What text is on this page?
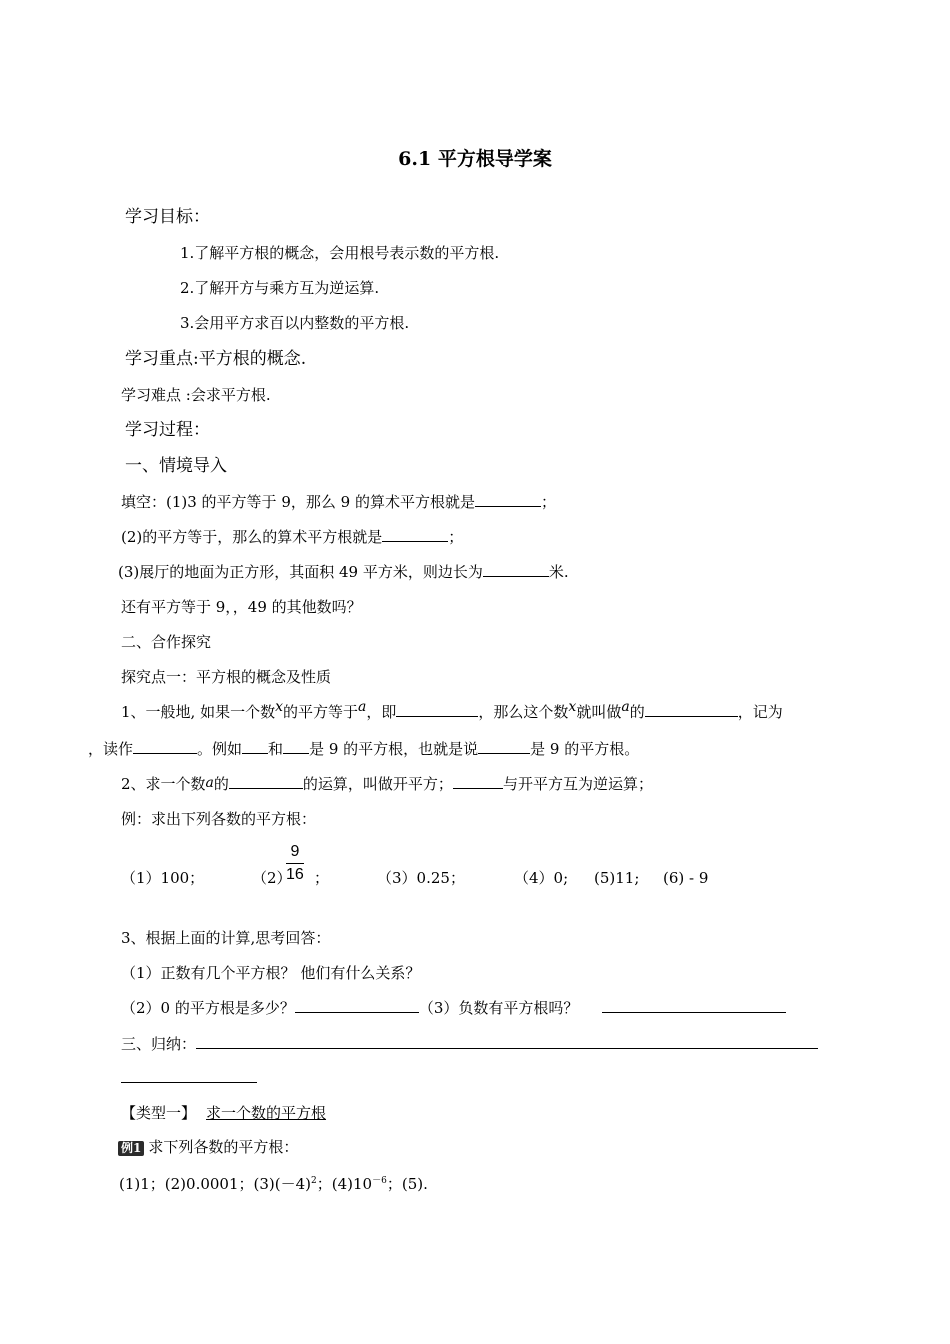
6.1 平方根导学案
学习目标：
1.了解平方根的概念，会用根号表示数的平方根.
2.了解开方与乘方互为逆运算.
3.会用平方求百以内整数的平方根.
学习重点:平方根的概念.
学习难点 :会求平方根.
学习过程：
一、情境导入
填空：(1)3 的平方等于 9，那么 9 的算术平方根就是	；
(2)的平方等于，那么的算术平方根就是	；
(3)展厅的地面为正方形，其面积 49 平方米，则边长为	米.
还有平方等于 9，，49 的其他数吗？
二、合作探究
探究点一：平方根的概念及性质
1、一般地, 如果一个数x的平方等于a，即	，那么这个数x就叫做a的	，记为
，读作	。例如 和 是 9 的平方根，也就是说	是 9 的平方根。
2、求一个数a的	的运算，叫做开平方；	与开平方互为逆运算；
例：求出下列各数的平方根：
（1）100；	（2）
$\frac{9}{16}$ ；	（3）0.25；	（4）0; (5)11; (6) ‐ 9
3、根据上面的计算,思考回答：
（1）正数有几个平方根？ 他们有什么关系？
（2）0 的平方根是多少？	（3）负数有平方根吗？
三、归纳：
【类型一】 求一个数的平方根
例1 求下列各数的平方根：
(1)1；(2)0.0001；$(3)(-4)^2$；$(4)10^{-6}$；(5).
